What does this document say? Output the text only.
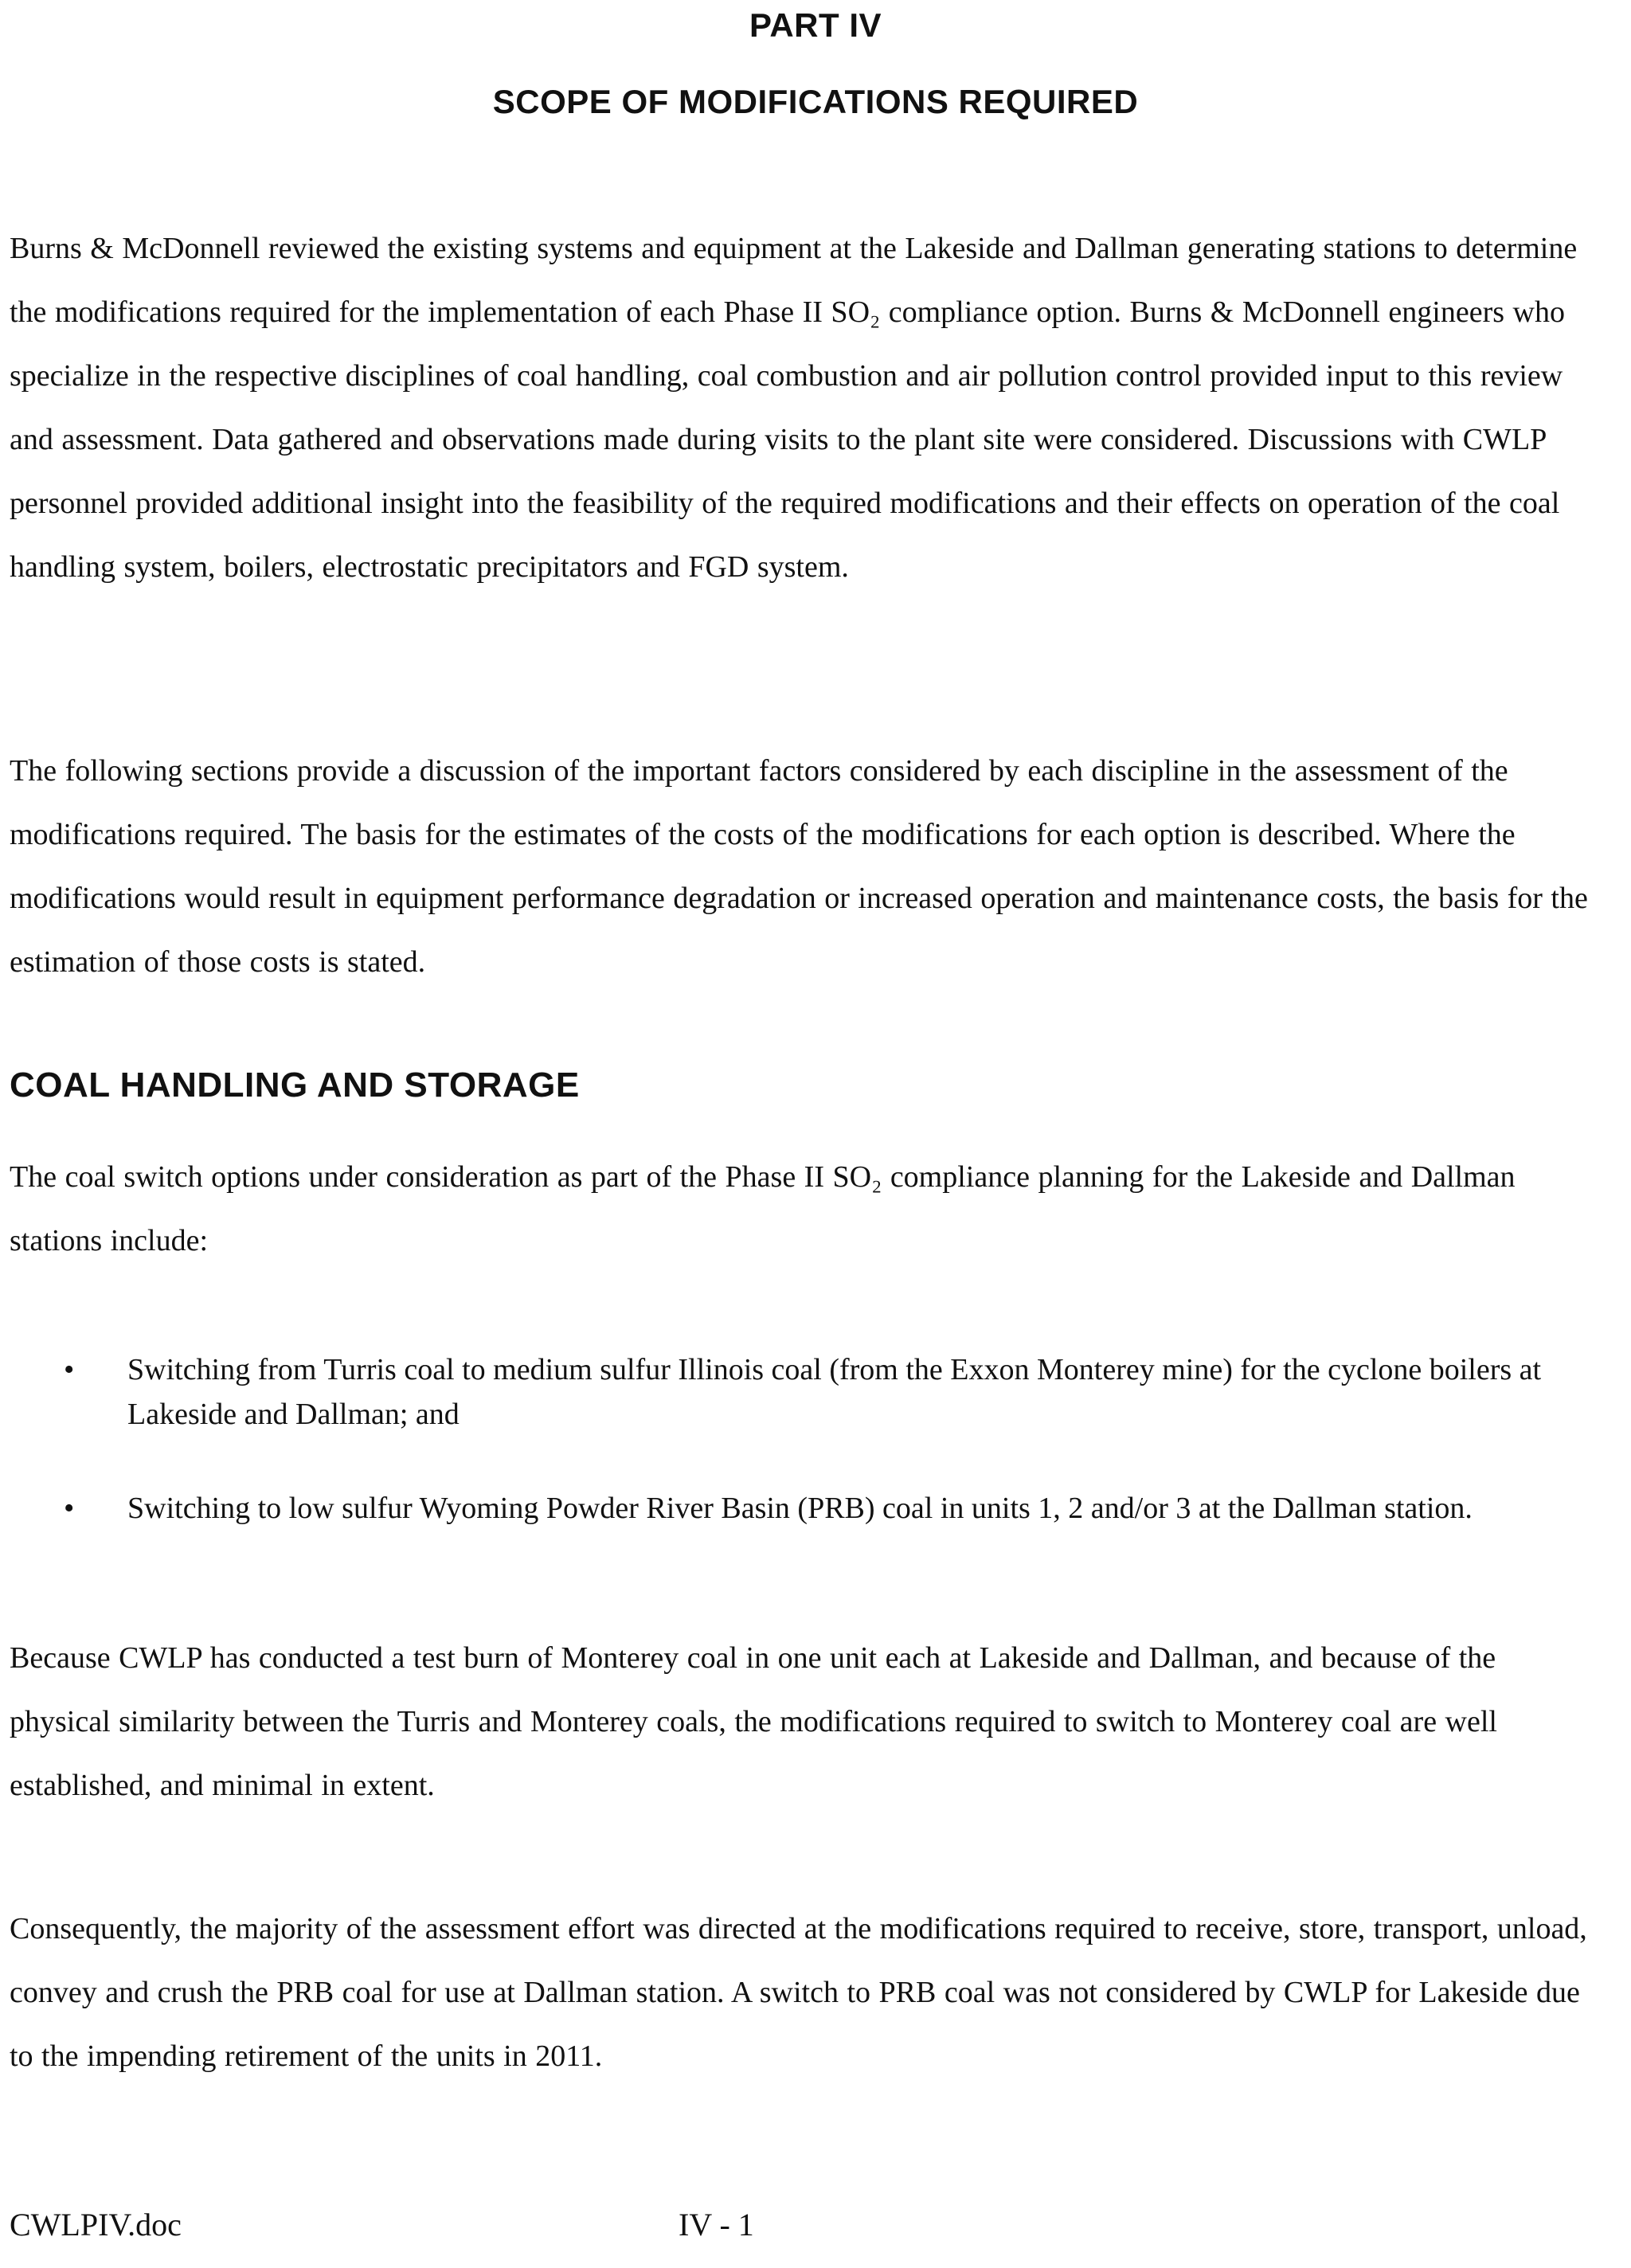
PART IV
SCOPE OF MODIFICATIONS REQUIRED

Burns & McDonnell reviewed the existing systems and equipment at the Lakeside and Dallman generating stations to determine the modifications required for the implementation of each Phase II SO₂ compliance option. Burns & McDonnell engineers who specialize in the respective disciplines of coal handling, coal combustion and air pollution control provided input to this review and assessment. Data gathered and observations made during visits to the plant site were considered. Discussions with CWLP personnel provided additional insight into the feasibility of the required modifications and their effects on operation of the coal handling system, boilers, electrostatic precipitators and FGD system.

The following sections provide a discussion of the important factors considered by each discipline in the assessment of the modifications required. The basis for the estimates of the costs of the modifications for each option is described. Where the modifications would result in equipment performance degradation or increased operation and maintenance costs, the basis for the estimation of those costs is stated.

COAL HANDLING AND STORAGE

The coal switch options under consideration as part of the Phase II SO₂ compliance planning for the Lakeside and Dallman stations include:

• Switching from Turris coal to medium sulfur Illinois coal (from the Exxon Monterey mine) for the cyclone boilers at Lakeside and Dallman; and
• Switching to low sulfur Wyoming Powder River Basin (PRB) coal in units 1, 2 and/or 3 at the Dallman station.

Because CWLP has conducted a test burn of Monterey coal in one unit each at Lakeside and Dallman, and because of the physical similarity between the Turris and Monterey coals, the modifications required to switch to Monterey coal are well established, and minimal in extent.

Consequently, the majority of the assessment effort was directed at the modifications required to receive, store, transport, unload, convey and crush the PRB coal for use at Dallman station. A switch to PRB coal was not considered by CWLP for Lakeside due to the impending retirement of the units in 2011.

CWLPIV.doc	IV - 1
